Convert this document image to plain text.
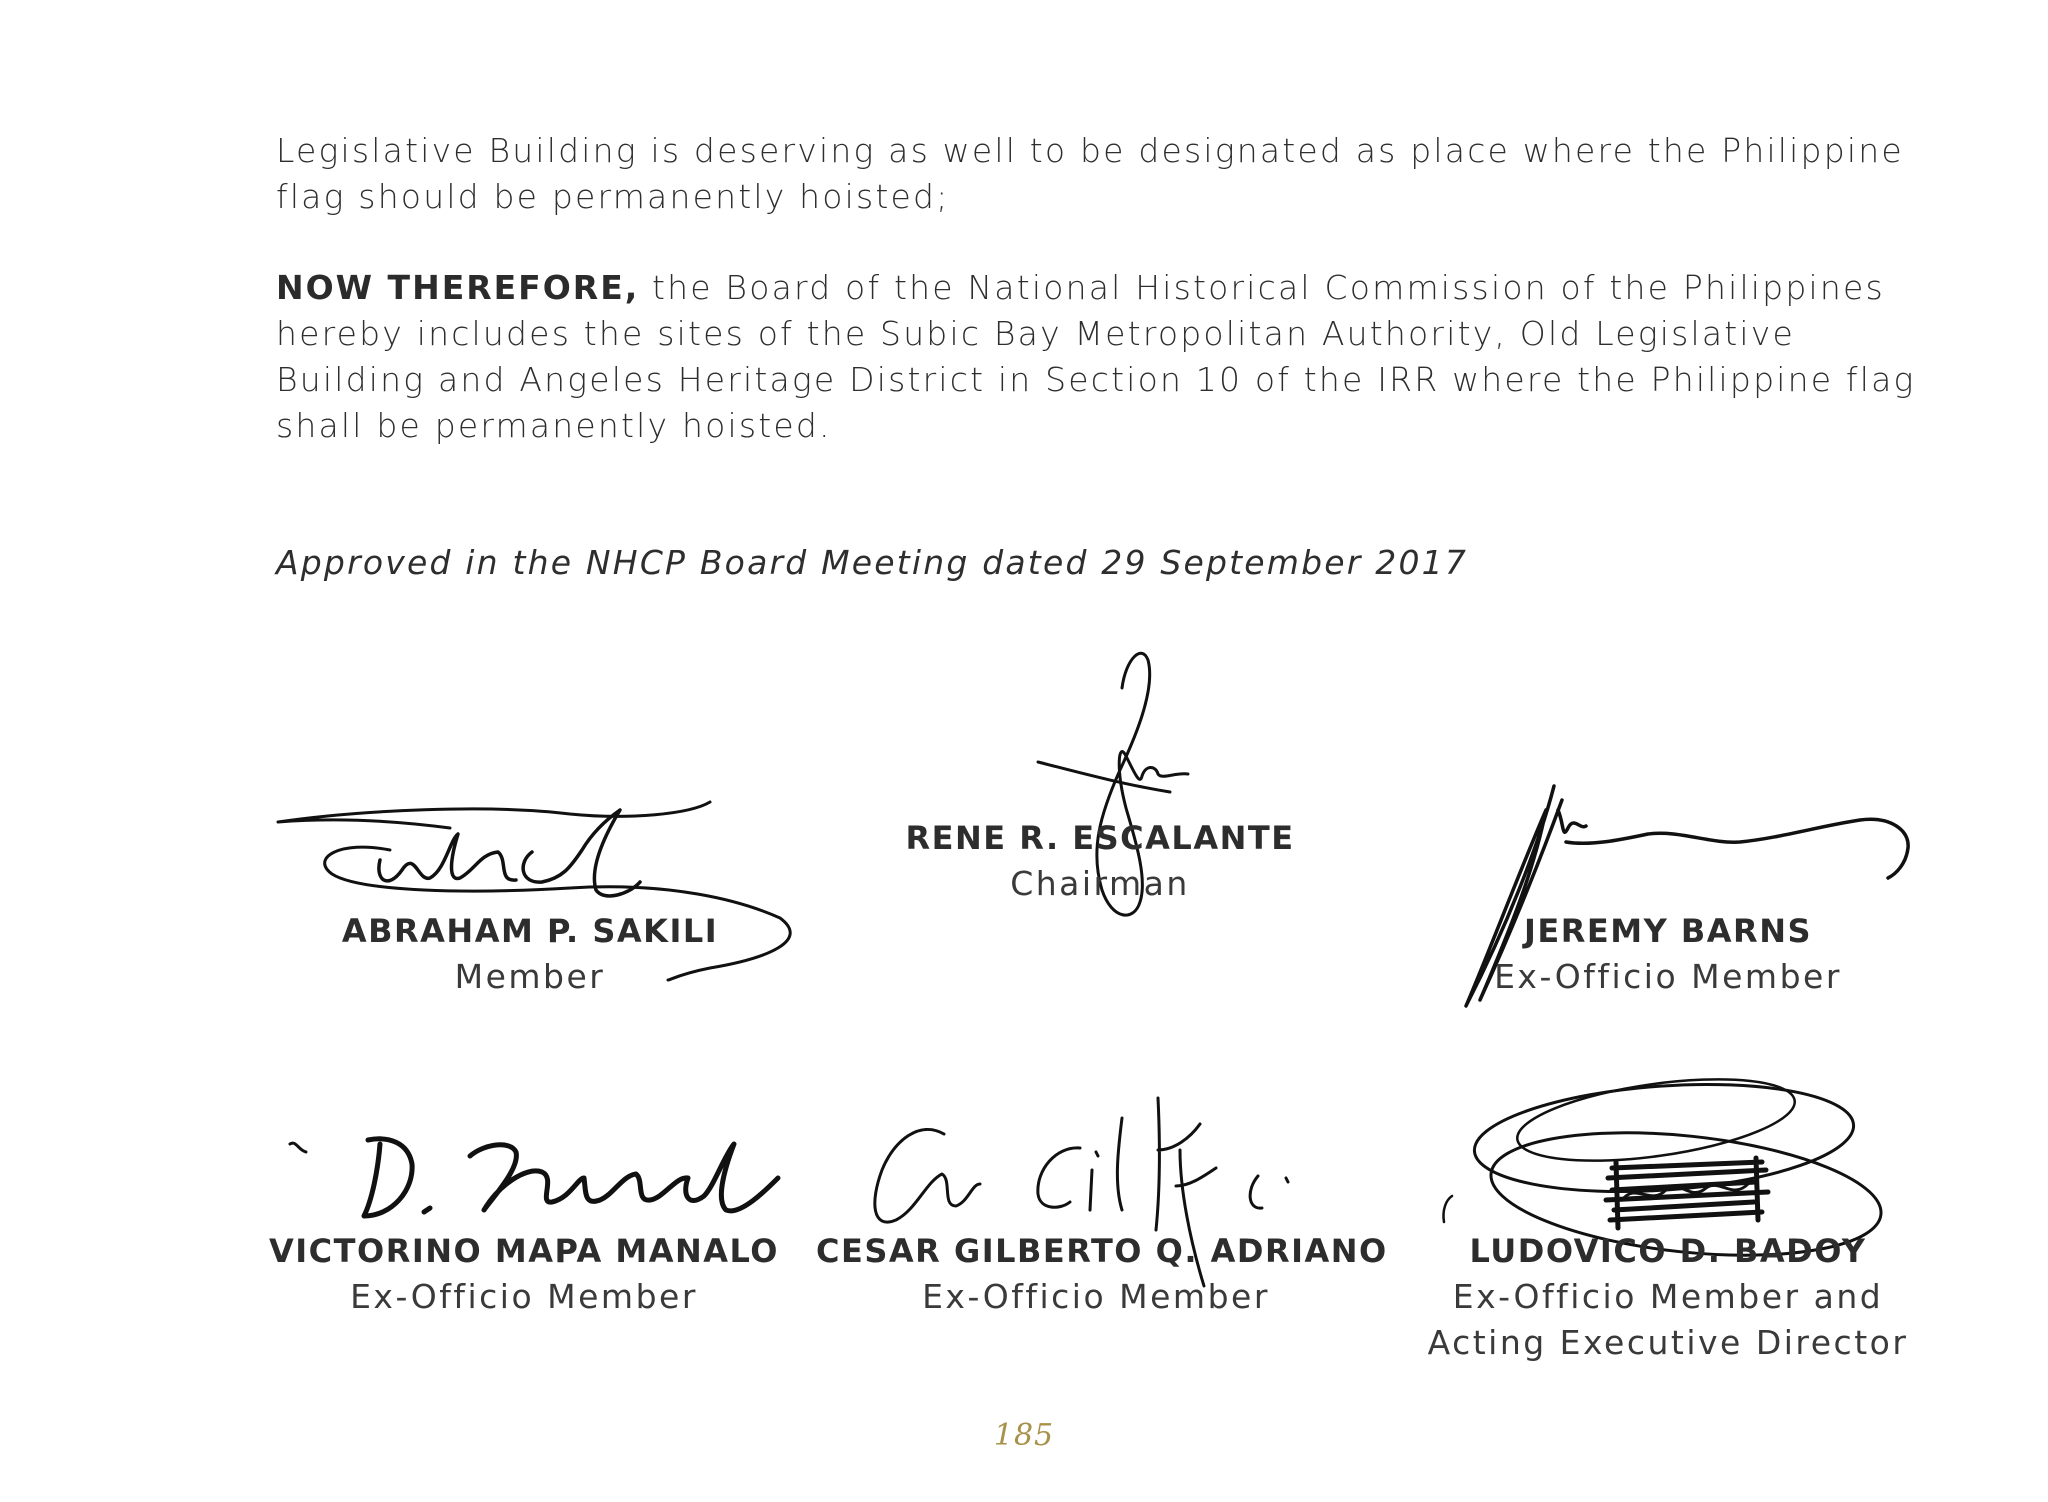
Legislative Building is deserving as well to be designated as place where the Philippine
flag should be permanently hoisted;
NOW THEREFORE, the Board of the National Historical Commission of the Philippines
hereby includes the sites of the Subic Bay Metropolitan Authority, Old Legislative
Building and Angeles Heritage District in Section 10 of the IRR where the Philippine flag
shall be permanently hoisted.
Approved in the NHCP Board Meeting dated 29 September 2017
ABRAHAM P. SAKILI
Member
RENE R. ESCALANTE
Chairman
JEREMY BARNS
Ex-Officio Member
VICTORINO MAPA MANALO
Ex-Officio Member
CESAR GILBERTO Q. ADRIANO
Ex-Officio Member
LUDOVICO D. BADOY
Ex-Officio Member and
Acting Executive Director
185
